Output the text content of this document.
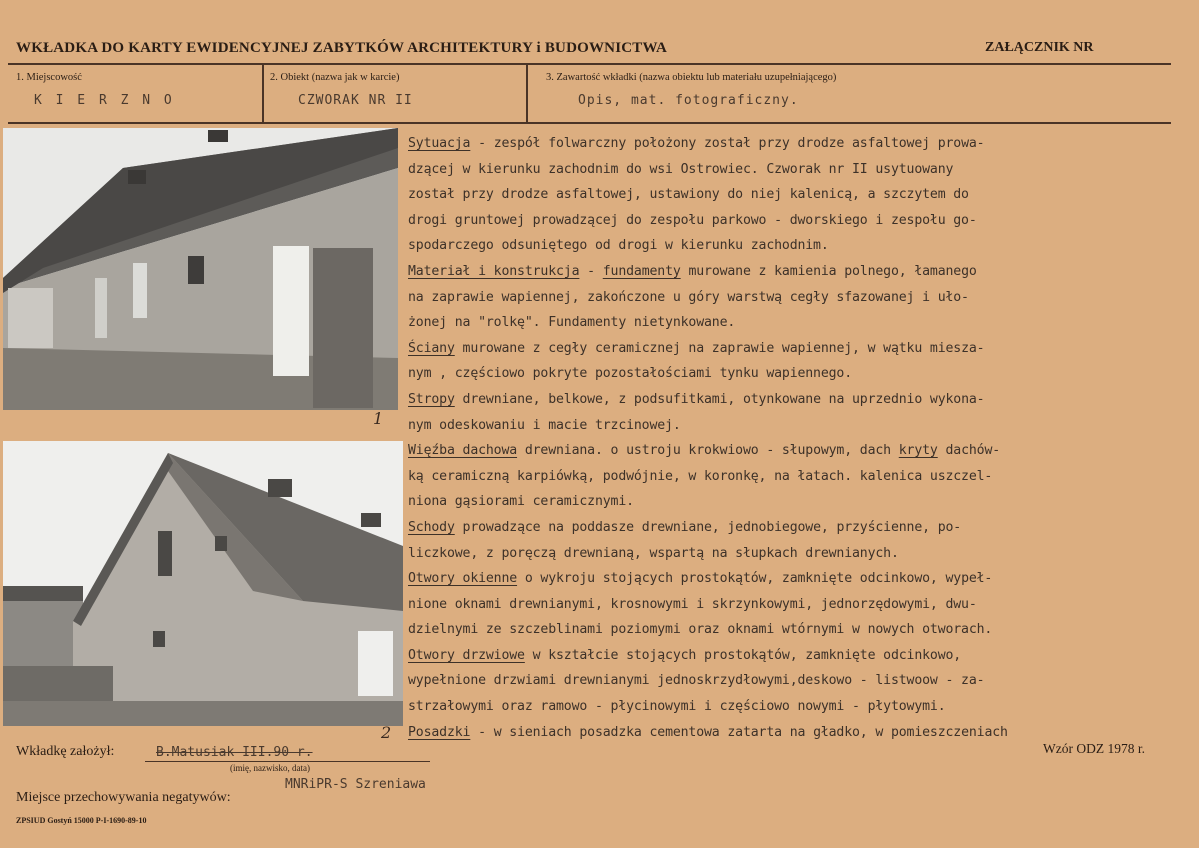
WKŁADKA DO KARTY EWIDENCYJNEJ ZABYTKÓW ARCHITEKTURY i BUDOWNICTWA	ZAŁĄCZNIK NR
1. Miejscowość
K I E R Z N O
2. Obiekt (nazwa jak w karcie)
CZWORAK NR II
3. Zawartość wkładki (nazwa obiektu lub materiału uzupełniającego)
Opis, mat. fotograficzny.
1
2
Sytuacja - zespół folwarczny położony został przy drodze asfaltowej prowa-
dzącej w kierunku zachodnim do wsi Ostrowiec. Czworak nr II usytuowany
został przy drodze asfaltowej, ustawiony do niej kalenicą, a szczytem do
drogi gruntowej prowadzącej do zespołu parkowo - dworskiego i zespołu go-
spodarczego odsuniętego od drogi w kierunku zachodnim.
Materiał i konstrukcja - fundamenty murowane z kamienia polnego, łamanego
na zaprawie wapiennej, zakończone u góry warstwą cegły sfazowanej i uło-
żonej na "rolkę". Fundamenty nietynkowane.
Ściany murowane z cegły ceramicznej na zaprawie wapiennej, w wątku miesza-
nym , częściowo pokryte pozostałościami tynku wapiennego.
Stropy drewniane, belkowe, z podsufitkami, otynkowane na uprzednio wykona-
nym odeskowaniu i macie trzcinowej.
Więźba dachowa drewniana. o ustroju krokwiowo - słupowym, dach kryty dachów-
ką ceramiczną karpiówką, podwójnie, w koronkę, na łatach. kalenica uszczel-
niona gąsiorami ceramicznymi.
Schody prowadzące na poddasze drewniane, jednobiegowe, przyścienne, po-
liczkowe, z poręczą drewnianą, wspartą na słupkach drewnianych.
Otwory okienne o wykroju stojących prostokątów, zamknięte odcinkowo, wypeł-
nione oknami drewnianymi, krosnowymi i skrzynkowymi, jednorzędowymi, dwu-
dzielnymi ze szczeblinami poziomymi oraz oknami wtórnymi w nowych otworach.
Otwory drzwiowe w kształcie stojących prostokątów, zamknięte odcinkowo,
wypełnione drzwiami drewnianymi jednoskrzydłowymi,deskowo - listwoow - za-
strzałowymi oraz ramowo - płycinowymi i częściowo nowymi - płytowymi.
Posadzki - w sieniach posadzka cementowa zatarta na gładko, w pomieszczeniach
Wkładkę założył:	B.Matusiak III.90 r.
(imię, nazwisko, data)
Miejsce przechowywania negatywów:
MNRiPR-S Szreniawa
Wzór ODZ 1978 r.
ZPSIUD Gostyń 15000 P-I-1690-89-10
